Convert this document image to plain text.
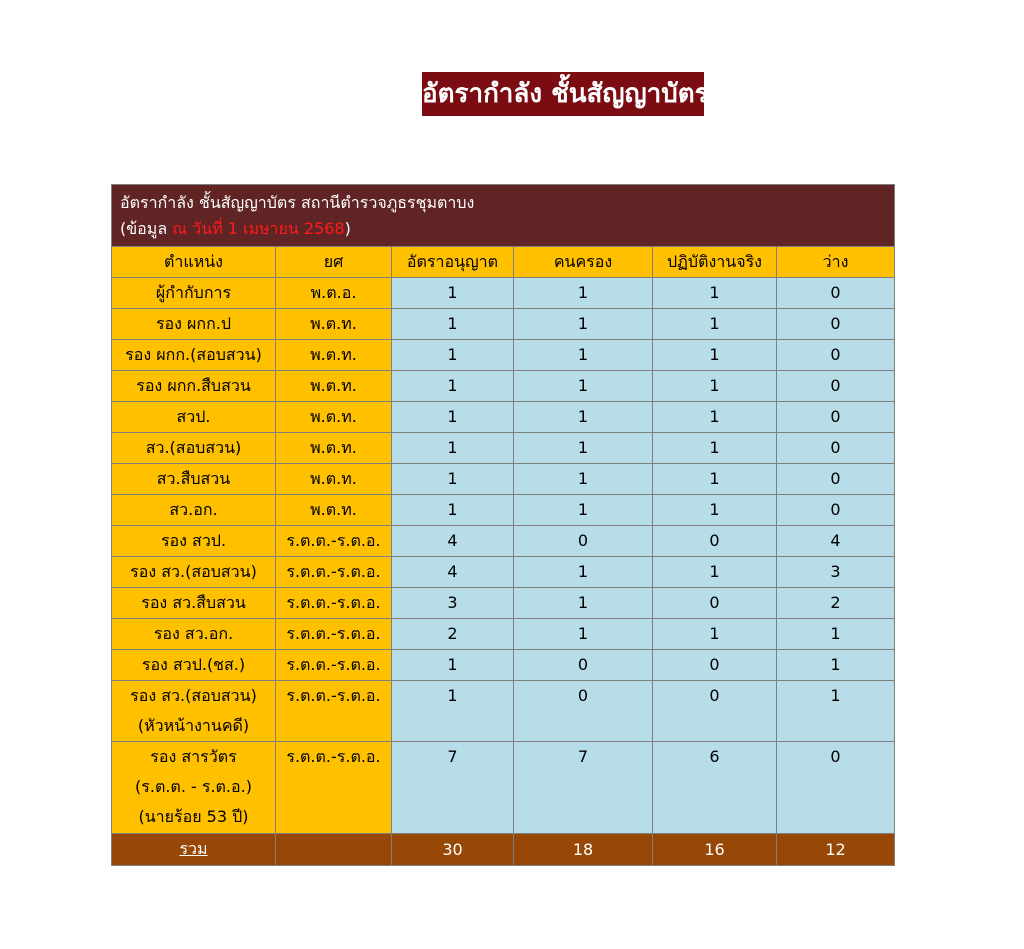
อัตรากำลัง ชั้นสัญญาบัตร
อัตรากำลัง ชั้นสัญญาบัตร สถานีตำรวจภูธรชุมตาบง
(ข้อมูล ณ วันที่ 1 เมษายน 2568)					
ตำแหน่ง	ยศ	อัตราอนุญาต	คนครอง	ปฏิบัติงานจริง	ว่าง

ผู้กำกับการ	พ.ต.อ.	1	1	1	0

รอง ผกก.ป	พ.ต.ท.	1	1	1	0

รอง ผกก.(สอบสวน)	พ.ต.ท.	1	1	1	0

รอง ผกก.สืบสวน	พ.ต.ท.	1	1	1	0

สวป.	พ.ต.ท.	1	1	1	0

สว.(สอบสวน)	พ.ต.ท.	1	1	1	0

สว.สืบสวน	พ.ต.ท.	1	1	1	0

สว.อก.	พ.ต.ท.	1	1	1	0

รอง สวป.	ร.ต.ต.-ร.ต.อ.	4	0	0	4

รอง สว.(สอบสวน)	ร.ต.ต.-ร.ต.อ.	4	1	1	3

รอง สว.สืบสวน	ร.ต.ต.-ร.ต.อ.	3	1	0	2

รอง สว.อก.	ร.ต.ต.-ร.ต.อ.	2	1	1	1

รอง สวป.(ชส.)	ร.ต.ต.-ร.ต.อ.	1	0	0	1

รอง สว.(สอบสวน)
(หัวหน้างานคดี)	ร.ต.ต.-ร.ต.อ.	1	0	0	1

รอง สารวัตร
(ร.ต.ต. - ร.ต.อ.)
(นายร้อย 53 ปี)	ร.ต.ต.-ร.ต.อ.	7	7	6	0
รวม		30	18	16	12
